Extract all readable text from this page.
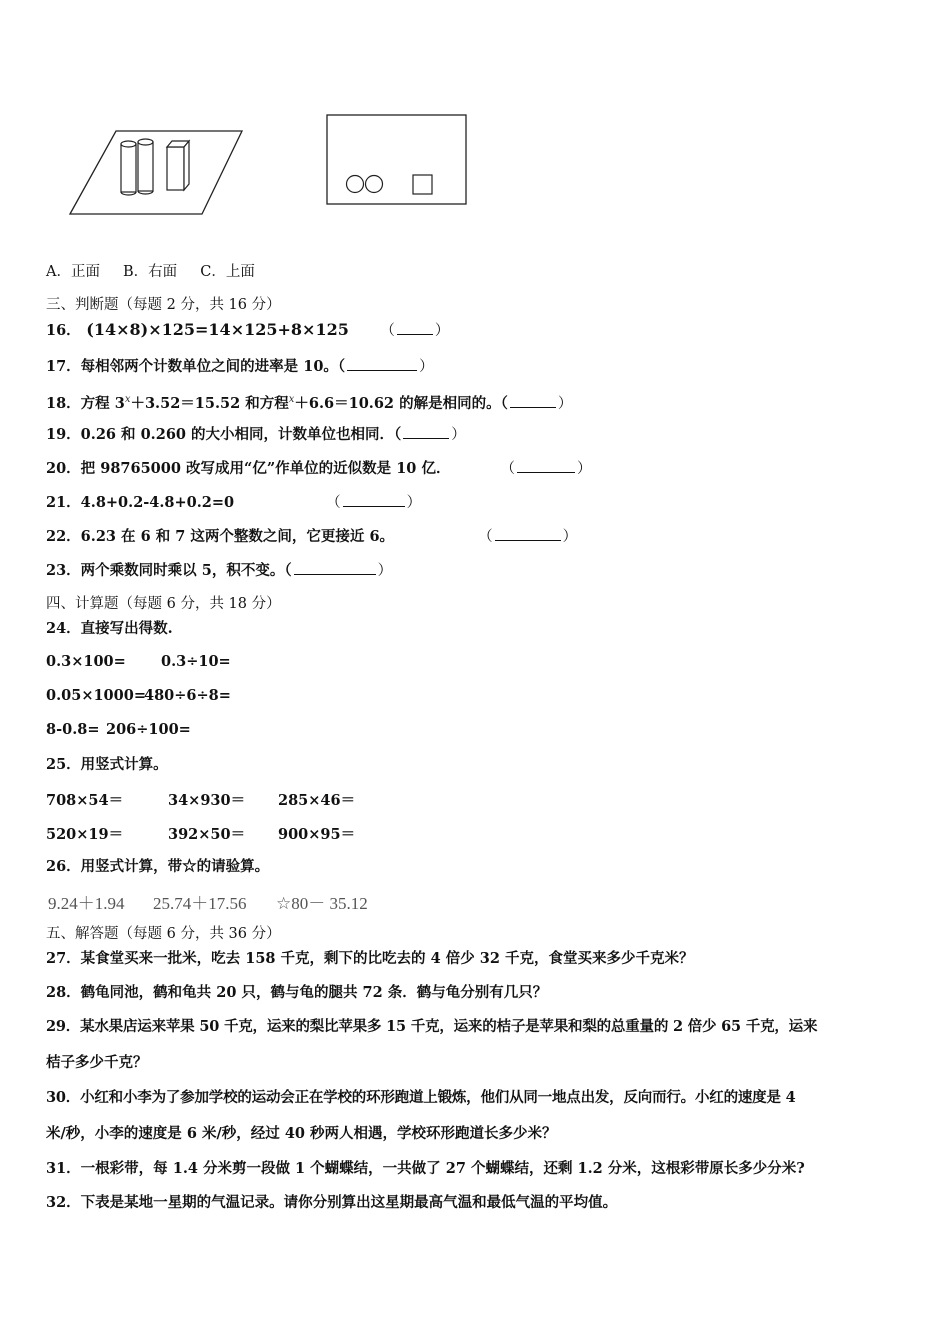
A．正面 B．右面 C．上面
三、判断题（每题 2 分，共 16 分）
16． (14×8)×125=14×125+8×125 （	）
17．每相邻两个计数单位之间的进率是 10。（	）
18．方程 $3^x+3.52=15.52$ 和方程$^x$＋6.6＝10.62 的解是相同的。（	）
19．0.26 和 0.260 的大小相同，计数单位也相同．（	）
20．把 98765000 改写成用“亿”作单位的近似数是 10 亿．	（	）
21．4.8+0.2-4.8+0.2=0	（	）
22．6.23 在 6 和 7 这两个整数之间，它更接近 6。	（	）
23．两个乘数同时乘以 5，积不变。（	）
四、计算题（每题 6 分，共 18 分）
24．直接写出得数.
0.3×100= 0.3÷10=
0.05×1000=
480÷6÷8=
8-0.8= 206÷100=
25．用竖式计算。
708×54＝	34×930＝ 285×46＝
520×19＝	392×50＝ 900×95＝
26．用竖式计算，带☆的请验算。
9.24＋1.94 25.74＋17.56 ☆80－ 35.12
五、解答题（每题 6 分，共 36 分）
27．某食堂买来一批米，吃去 158 千克，剩下的比吃去的 4 倍少 32 千克，食堂买来多少千克米？
28．鹤龟同池，鹤和龟共 20 只，鹤与龟的腿共 72 条．鹤与龟分别有几只？
29．某水果店运来苹果 50 千克，运来的梨比苹果多 15 千克，运来的桔子是苹果和梨的总重量的 2 倍少 65 千克，运来
桔子多少千克？
30．小红和小李为了参加学校的运动会正在学校的环形跑道上锻炼，他们从同一地点出发，反向而行。小红的速度是 4
米/秒，小李的速度是 6 米/秒，经过 40 秒两人相遇，学校环形跑道长多少米？
31．一根彩带，每 1.4 分米剪一段做 1 个蝴蝶结，一共做了 27 个蝴蝶结，还剩 1.2 分米，这根彩带原长多少分米?
32．下表是某地一星期的气温记录。请你分别算出这星期最高气温和最低气温的平均值。
